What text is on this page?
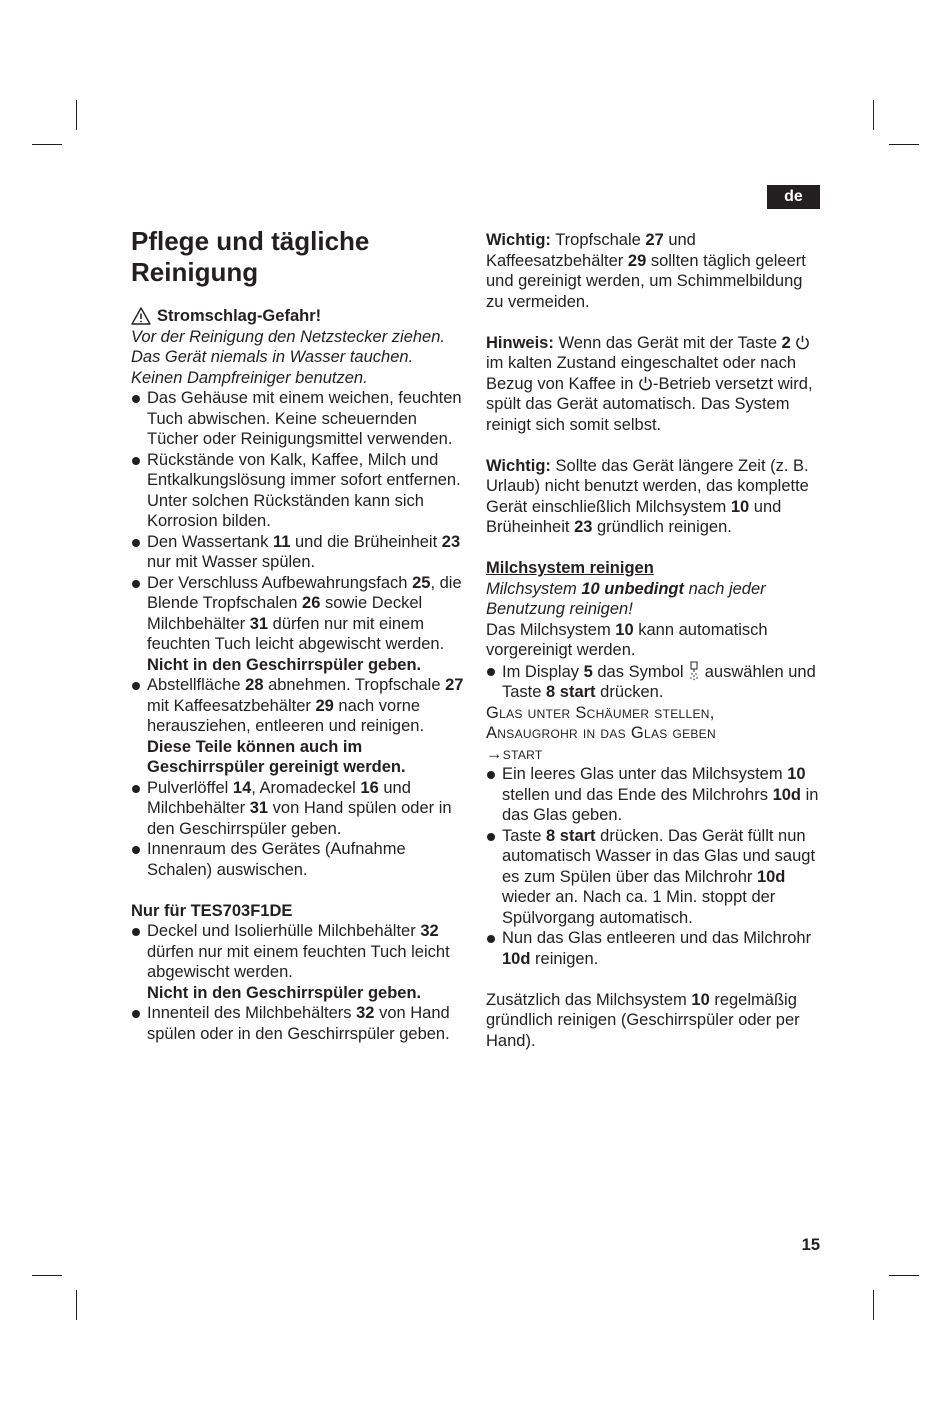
de
Pflege und tägliche Reinigung
Stromschlag-Gefahr!

Vor der Reinigung den Netzstecker ziehen. Das Gerät niemals in Wasser tauchen. Keinen Dampfreiniger benutzen.

Das Gehäuse mit einem weichen, feuchten Tuch abwischen. Keine scheuernden Tücher oder Reinigungsmittel verwenden.
Rückstände von Kalk, Kaffee, Milch und Entkalkungslösung immer sofort entfernen. Unter solchen Rückständen kann sich Korrosion bilden.
Den Wassertank 11 und die Brüheinheit 23 nur mit Wasser spülen.
Der Verschluss Aufbewahrungsfach 25, die Blende Tropfschalen 26 sowie Deckel Milchbehälter 31 dürfen nur mit einem feuchten Tuch leicht abgewischt werden.
Nicht in den Geschirrspüler geben.
Abstellfläche 28 abnehmen. Tropfschale 27 mit Kaffeesatzbehälter 29 nach vorne herausziehen, entleeren und reinigen.
Diese Teile können auch im Geschirrspüler gereinigt werden.
Pulverlöffel 14, Aromadeckel 16 und Milchbehälter 31 von Hand spülen oder in den Geschirrspüler geben.
Innenraum des Gerätes (Aufnahme Schalen) auswischen.

Nur für TES703F1DE

Deckel und Isolierhülle Milchbehälter 32 dürfen nur mit einem feuchten Tuch leicht abgewischt werden.
Nicht in den Geschirrspüler geben.
Innenteil des Milchbehälters 32 von Hand spülen oder in den Geschirrspüler geben.

Wichtig: Tropfschale 27 und Kaffeesatzbehälter 29 sollten täglich geleert und gereinigt werden, um Schimmelbildung zu vermeiden.

Hinweis: Wenn das Gerät mit der Taste 2  im kalten Zustand eingeschaltet oder nach Bezug von Kaffee in -Betrieb versetzt wird, spült das Gerät automatisch. Das System reinigt sich somit selbst.

Wichtig: Sollte das Gerät längere Zeit (z. B. Urlaub) nicht benutzt werden, das komplette Gerät einschließlich Milchsystem 10 und Brüheinheit 23 gründlich reinigen.

Milchsystem reinigen

Milchsystem 10 unbedingt nach jeder Benutzung reinigen!

Das Milchsystem 10 kann automatisch vorgereinigt werden.

Im Display 5 das Symbol  auswählen und Taste 8 start drücken.

Glas unter Schäumer stellen,

Ansaugrohr in das Glas geben

→start

Ein leeres Glas unter das Milchsystem 10 stellen und das Ende des Milchrohrs 10d in das Glas geben.
Taste 8 start drücken. Das Gerät füllt nun automatisch Wasser in das Glas und saugt es zum Spülen über das Milchrohr 10d wieder an. Nach ca. 1 Min. stoppt der Spülvorgang automatisch.
Nun das Glas entleeren und das Milchrohr 10d reinigen.

Zusätzlich das Milchsystem 10 regelmäßig gründlich reinigen (Geschirrspüler oder per Hand).

15
